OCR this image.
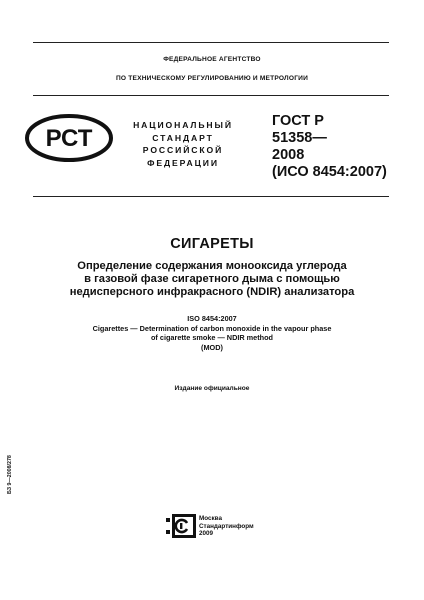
ФЕДЕРАЛЬНОЕ АГЕНТСТВО
ПО ТЕХНИЧЕСКОМУ РЕГУЛИРОВАНИЮ И МЕТРОЛОГИИ
РСТ	НАЦИОНАЛЬНЫЙ
СТАНДАРТ
РОССИЙСКОЙ
ФЕДЕРАЦИИ
ГОСТ Р
51358—
2008
(ИСО 8454:2007)
СИГАРЕТЫ
Определение содержания монооксида углерода
в газовой фазе сигаретного дыма с помощью
недисперсного инфракрасного (NDIR) анализатора
ISO 8454:2007
Cigarettes — Determination of carbon monoxide in the vapour phase
of cigarette smoke — NDIR method
(MOD)
Издание официальное
БЗ 9—2008/278
Москва
Стандартинформ
2009
